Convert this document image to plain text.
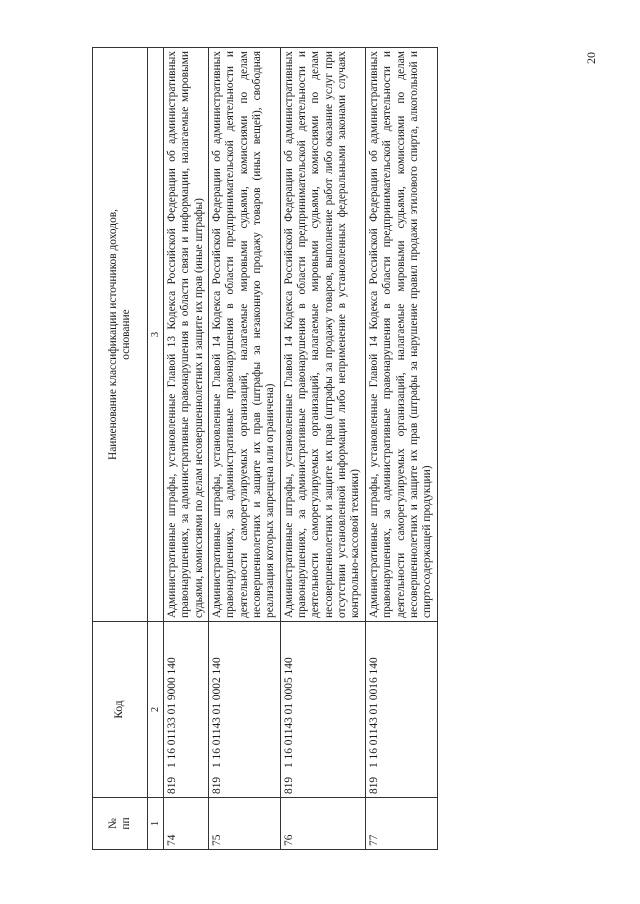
20
№
пп	Код	Наименование классификации источников доходов,
основание
1	2	3
74	8191 16 01133 01 9000 140	Административные штрафы, установленные Главой 13 Кодекса Российской Федерации об административных правонарушениях, за административные правонарушения в области связи и информации, налагаемые мировыми судьями, комиссиями по делам несовершеннолетних и защите их прав (иные штрафы)
75	8191 16 01143 01 0002 140	Административные штрафы, установленные Главой 14 Кодекса Российской Федерации об административных правонарушениях, за административные правонарушения в области предпринимательской деятельности и деятельности саморегулируемых организаций, налагаемые мировыми судьями, комиссиями по делам несовершеннолетних и защите их прав (штрафы за незаконную продажу товаров (иных вещей), свободная реализация которых запрещена или ограничена)
76	8191 16 01143 01 0005 140	Административные штрафы, установленные Главой 14 Кодекса Российской Федерации об административных правонарушениях, за административные правонарушения в области предпринимательской деятельности и деятельности саморегулируемых организаций, налагаемые мировыми судьями, комиссиями по делам несовершеннолетних и защите их прав (штрафы за продажу товаров, выполнение работ либо оказание услуг при отсутствии установленной информации либо неприменение в установленных федеральными законами случаях контрольно-кассовой техники)
77	8191 16 01143 01 0016 140	Административные штрафы, установленные Главой 14 Кодекса Российской Федерации об административных правонарушениях, за административные правонарушения в области предпринимательской деятельности и деятельности саморегулируемых организаций, налагаемые мировыми судьями, комиссиями по делам несовершеннолетних и защите их прав (штрафы за нарушение правил продажи этилового спирта, алкогольной и спиртосодержащей продукции)
